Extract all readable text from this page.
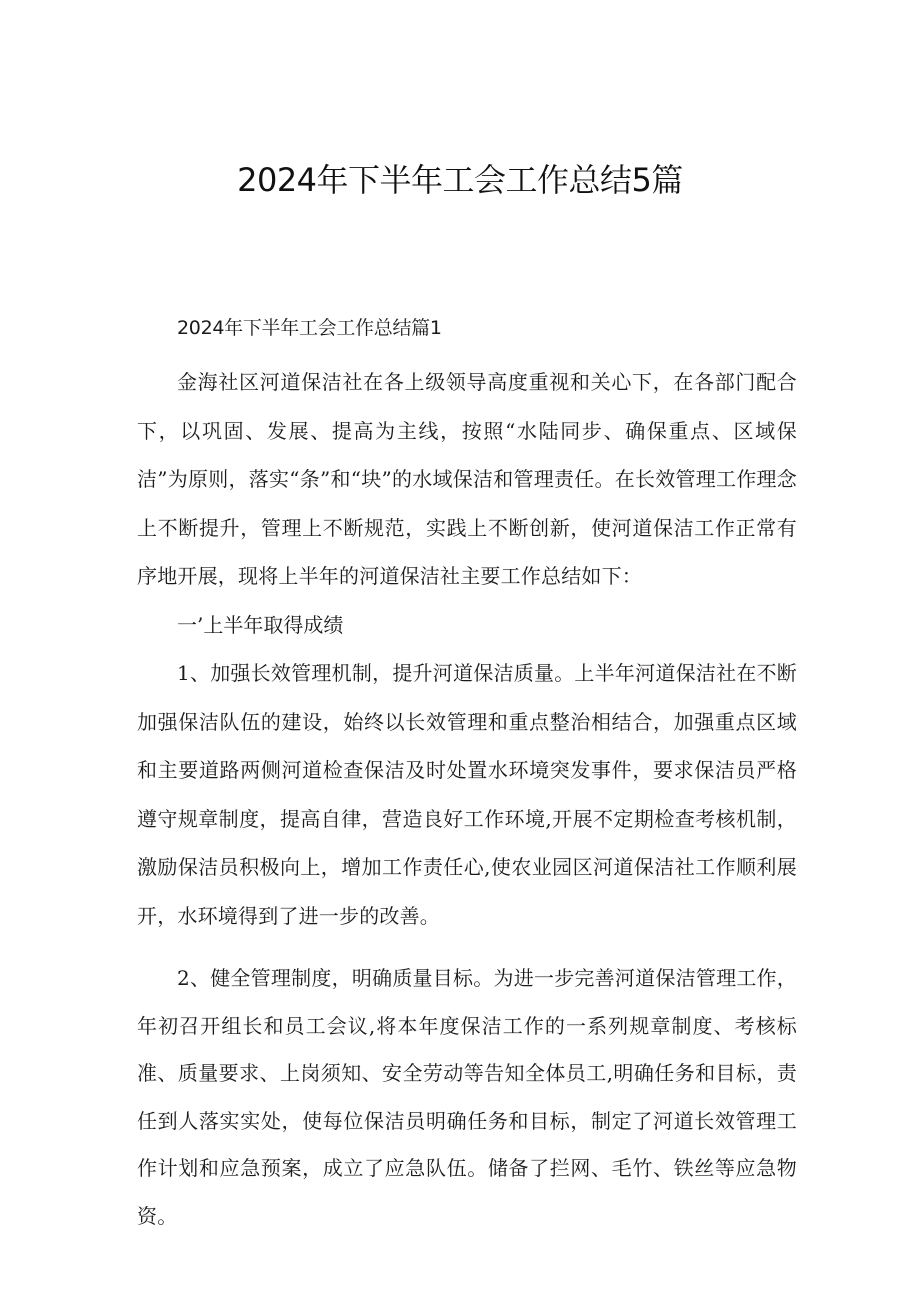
2024年下半年工会工作总结5篇

2024年下半年工会工作总结篇1

金海社区河道保洁社在各上级领导高度重视和关心下，在各部门配合下，以巩固、发展、提高为主线，按照“水陆同步、确保重点、区域保洁”为原则，落实“条”和“块”的水域保洁和管理责任。在长效管理工作理念上不断提升，管理上不断规范，实践上不断创新，使河道保洁工作正常有序地开展，现将上半年的河道保洁社主要工作总结如下：

一’上半年取得成绩

1、加强长效管理机制，提升河道保洁质量。上半年河道保洁社在不断加强保洁队伍的建设，始终以长效管理和重点整治相结合，加强重点区域和主要道路两侧河道检查保洁及时处置水环境突发事件，要求保洁员严格遵守规章制度，提高自律，营造良好工作环境,开展不定期检查考核机制，激励保洁员积极向上，增加工作责任心,使农业园区河道保洁社工作顺利展开，水环境得到了进一步的改善。

2、健全管理制度，明确质量目标。为进一步完善河道保洁管理工作，年初召开组长和员工会议,将本年度保洁工作的一系列规章制度、考核标准、质量要求、上岗须知、安全劳动等告知全体员工,明确任务和目标，责任到人落实实处，使每位保洁员明确任务和目标，制定了河道长效管理工作计划和应急预案，成立了应急队伍。储备了拦网、毛竹、铁丝等应急物资。
